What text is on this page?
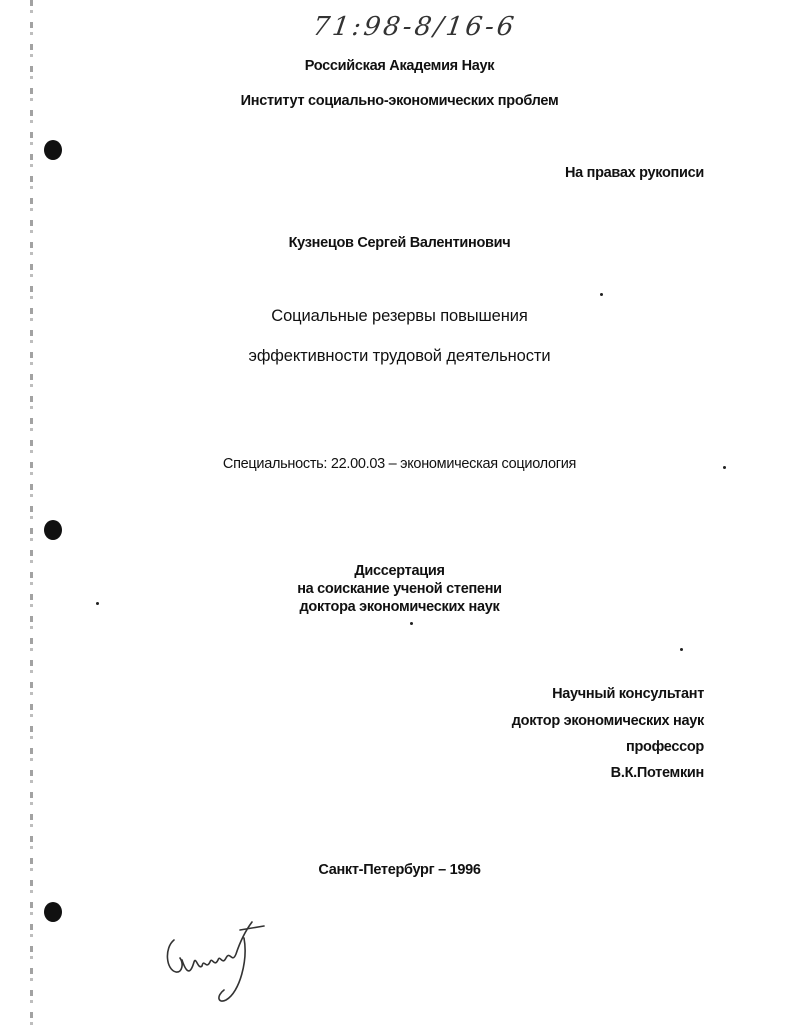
71:98-8/16-6
Российская Академия Наук
Институт социально-экономических проблем
На правах рукописи
Кузнецов Сергей Валентинович
Социальные резервы повышения
эффективности трудовой деятельности
Специальность: 22.00.03 – экономическая социология
Диссертация
на соискание ученой степени
доктора экономических наук
Научный консультант
доктор экономических наук
профессор
В.К.Потемкин
Санкт-Петербург – 1996
